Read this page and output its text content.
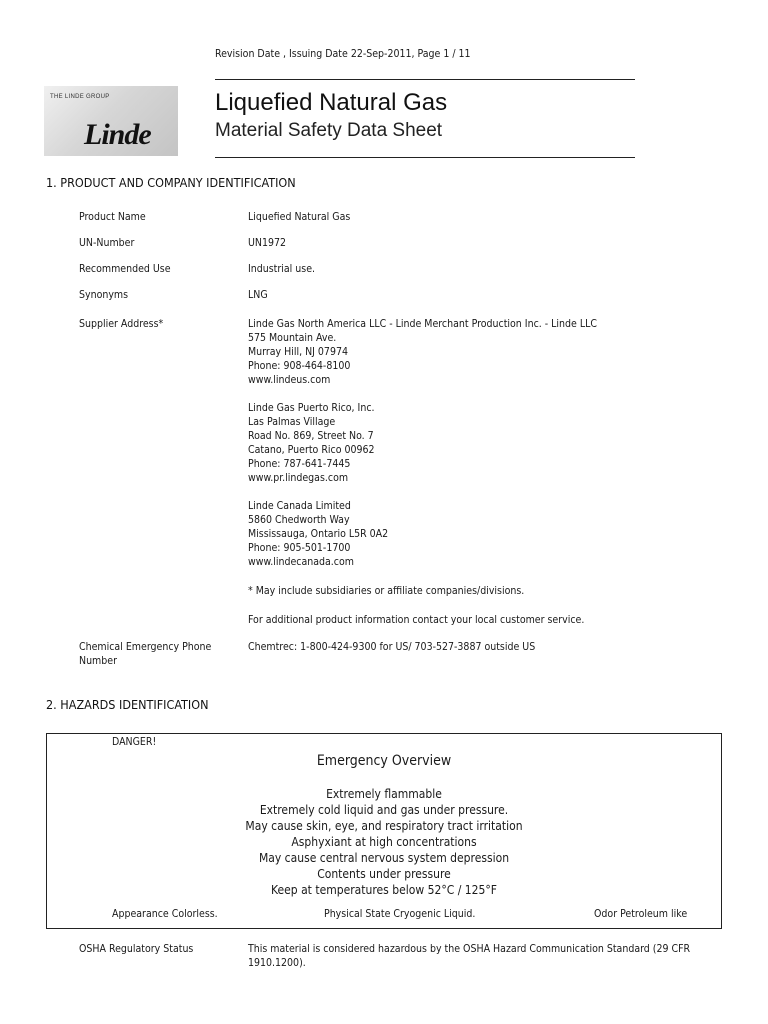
Revision Date , Issuing Date 22-Sep-2011, Page 1 / 11
THE LINDE GROUP
Linde
Liquefied Natural Gas
Material Safety Data Sheet
1. PRODUCT AND COMPANY IDENTIFICATION
Product Name	Liquefied Natural Gas
UN-Number	UN1972
Recommended Use	Industrial use.
Synonyms	LNG
Supplier Address*	Linde Gas North America LLC - Linde Merchant Production Inc. - Linde LLC
575 Mountain Ave.
Murray Hill, NJ 07974
Phone: 908-464-8100
www.lindeus.com
Linde Gas Puerto Rico, Inc.
Las Palmas Village
Road No. 869, Street No. 7
Catano, Puerto Rico 00962
Phone: 787-641-7445
www.pr.lindegas.com
Linde Canada Limited
5860 Chedworth Way
Mississauga, Ontario L5R 0A2
Phone: 905-501-1700
www.lindecanada.com
* May include subsidiaries or affiliate companies/divisions.
For additional product information contact your local customer service.
Chemical Emergency Phone
Number
Chemtrec: 1-800-424-9300 for US/ 703-527-3887 outside US
2. HAZARDS IDENTIFICATION
DANGER!
Emergency Overview
Extremely flammable
Extremely cold liquid and gas under pressure.
May cause skin, eye, and respiratory tract irritation
Asphyxiant at high concentrations
May cause central nervous system depression
Contents under pressure
Keep at temperatures below 52°C / 125°F
Appearance Colorless.	Physical State Cryogenic Liquid.	Odor Petroleum like
OSHA Regulatory Status	This material is considered hazardous by the OSHA Hazard Communication Standard (29 CFR
1910.1200).
